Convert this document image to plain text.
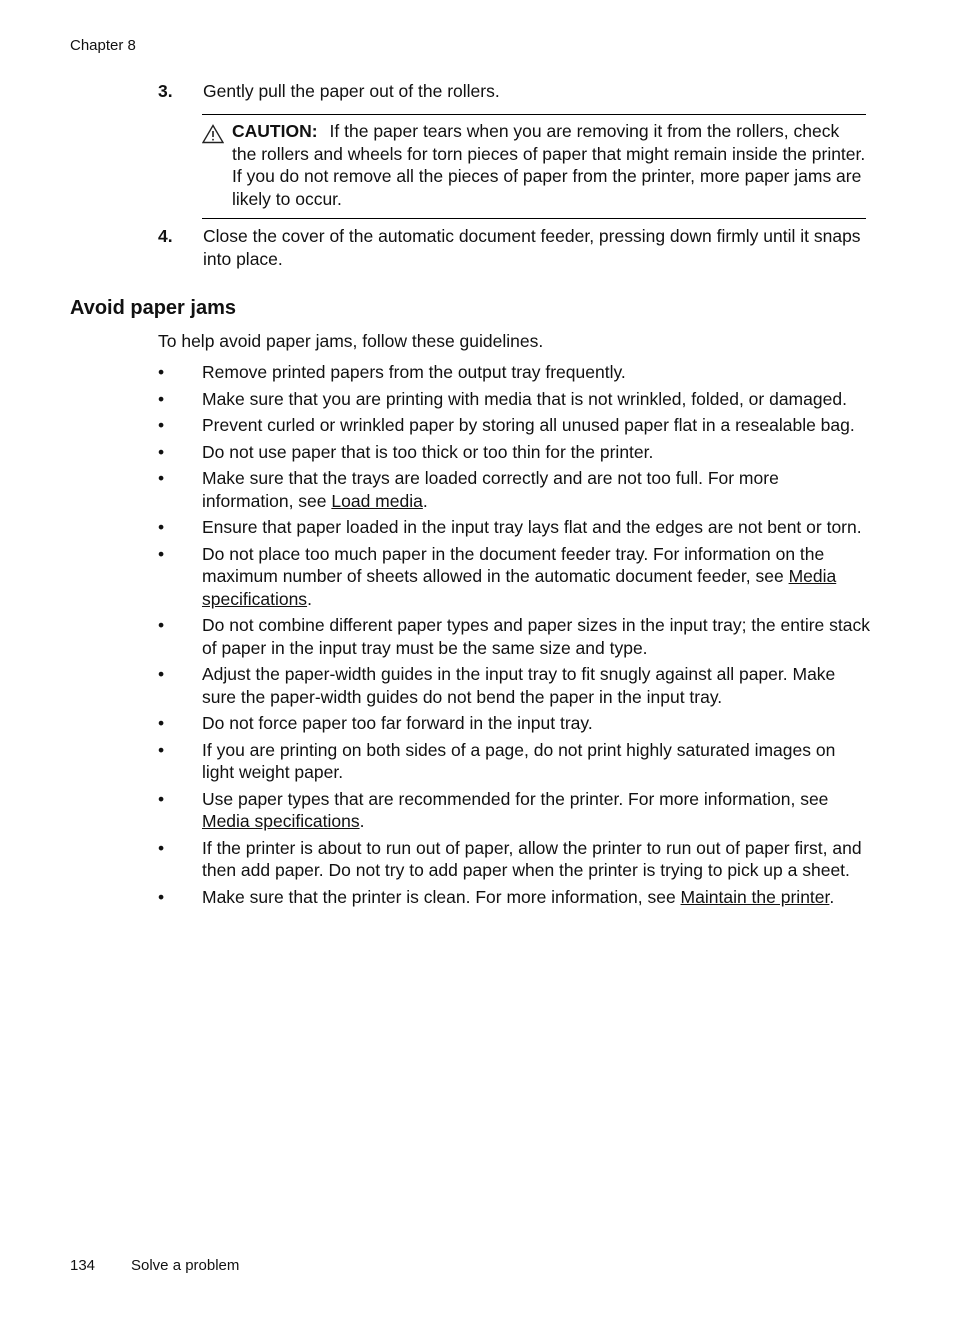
Chapter 8
3. Gently pull the paper out of the rollers.
CAUTION: If the paper tears when you are removing it from the rollers, check the rollers and wheels for torn pieces of paper that might remain inside the printer. If you do not remove all the pieces of paper from the printer, more paper jams are likely to occur.
4. Close the cover of the automatic document feeder, pressing down firmly until it snaps into place.
Avoid paper jams
To help avoid paper jams, follow these guidelines.
• Remove printed papers from the output tray frequently.
• Make sure that you are printing with media that is not wrinkled, folded, or damaged.
• Prevent curled or wrinkled paper by storing all unused paper flat in a resealable bag.
• Do not use paper that is too thick or too thin for the printer.
• Make sure that the trays are loaded correctly and are not too full. For more information, see Load media.
• Ensure that paper loaded in the input tray lays flat and the edges are not bent or torn.
• Do not place too much paper in the document feeder tray. For information on the maximum number of sheets allowed in the automatic document feeder, see Media specifications.
• Do not combine different paper types and paper sizes in the input tray; the entire stack of paper in the input tray must be the same size and type.
• Adjust the paper-width guides in the input tray to fit snugly against all paper. Make sure the paper-width guides do not bend the paper in the input tray.
• Do not force paper too far forward in the input tray.
• If you are printing on both sides of a page, do not print highly saturated images on light weight paper.
• Use paper types that are recommended for the printer. For more information, see Media specifications.
• If the printer is about to run out of paper, allow the printer to run out of paper first, and then add paper. Do not try to add paper when the printer is trying to pick up a sheet.
• Make sure that the printer is clean. For more information, see Maintain the printer.
134 Solve a problem
